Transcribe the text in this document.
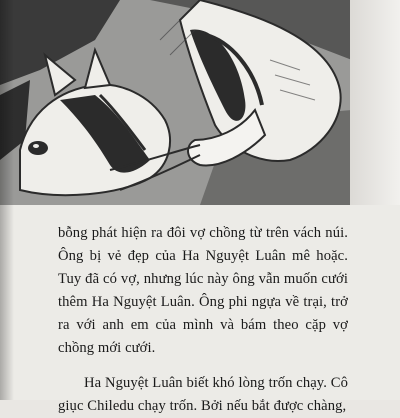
bỗng phát hiện ra đôi vợ chồng từ trên vách núi. Ông bị vẻ đẹp của Ha Nguyệt Luân mê hoặc. Tuy đã có vợ, nhưng lúc này ông vẫn muốn cưới thêm Ha Nguyệt Luân. Ông phi ngựa về trại, trở ra với anh em của mình và bám theo cặp vợ chồng mới cưới.

Ha Nguyệt Luân biết khó lòng trốn chạy. Cô giục Chiledu chạy trốn. Bởi nếu bắt được chàng,
